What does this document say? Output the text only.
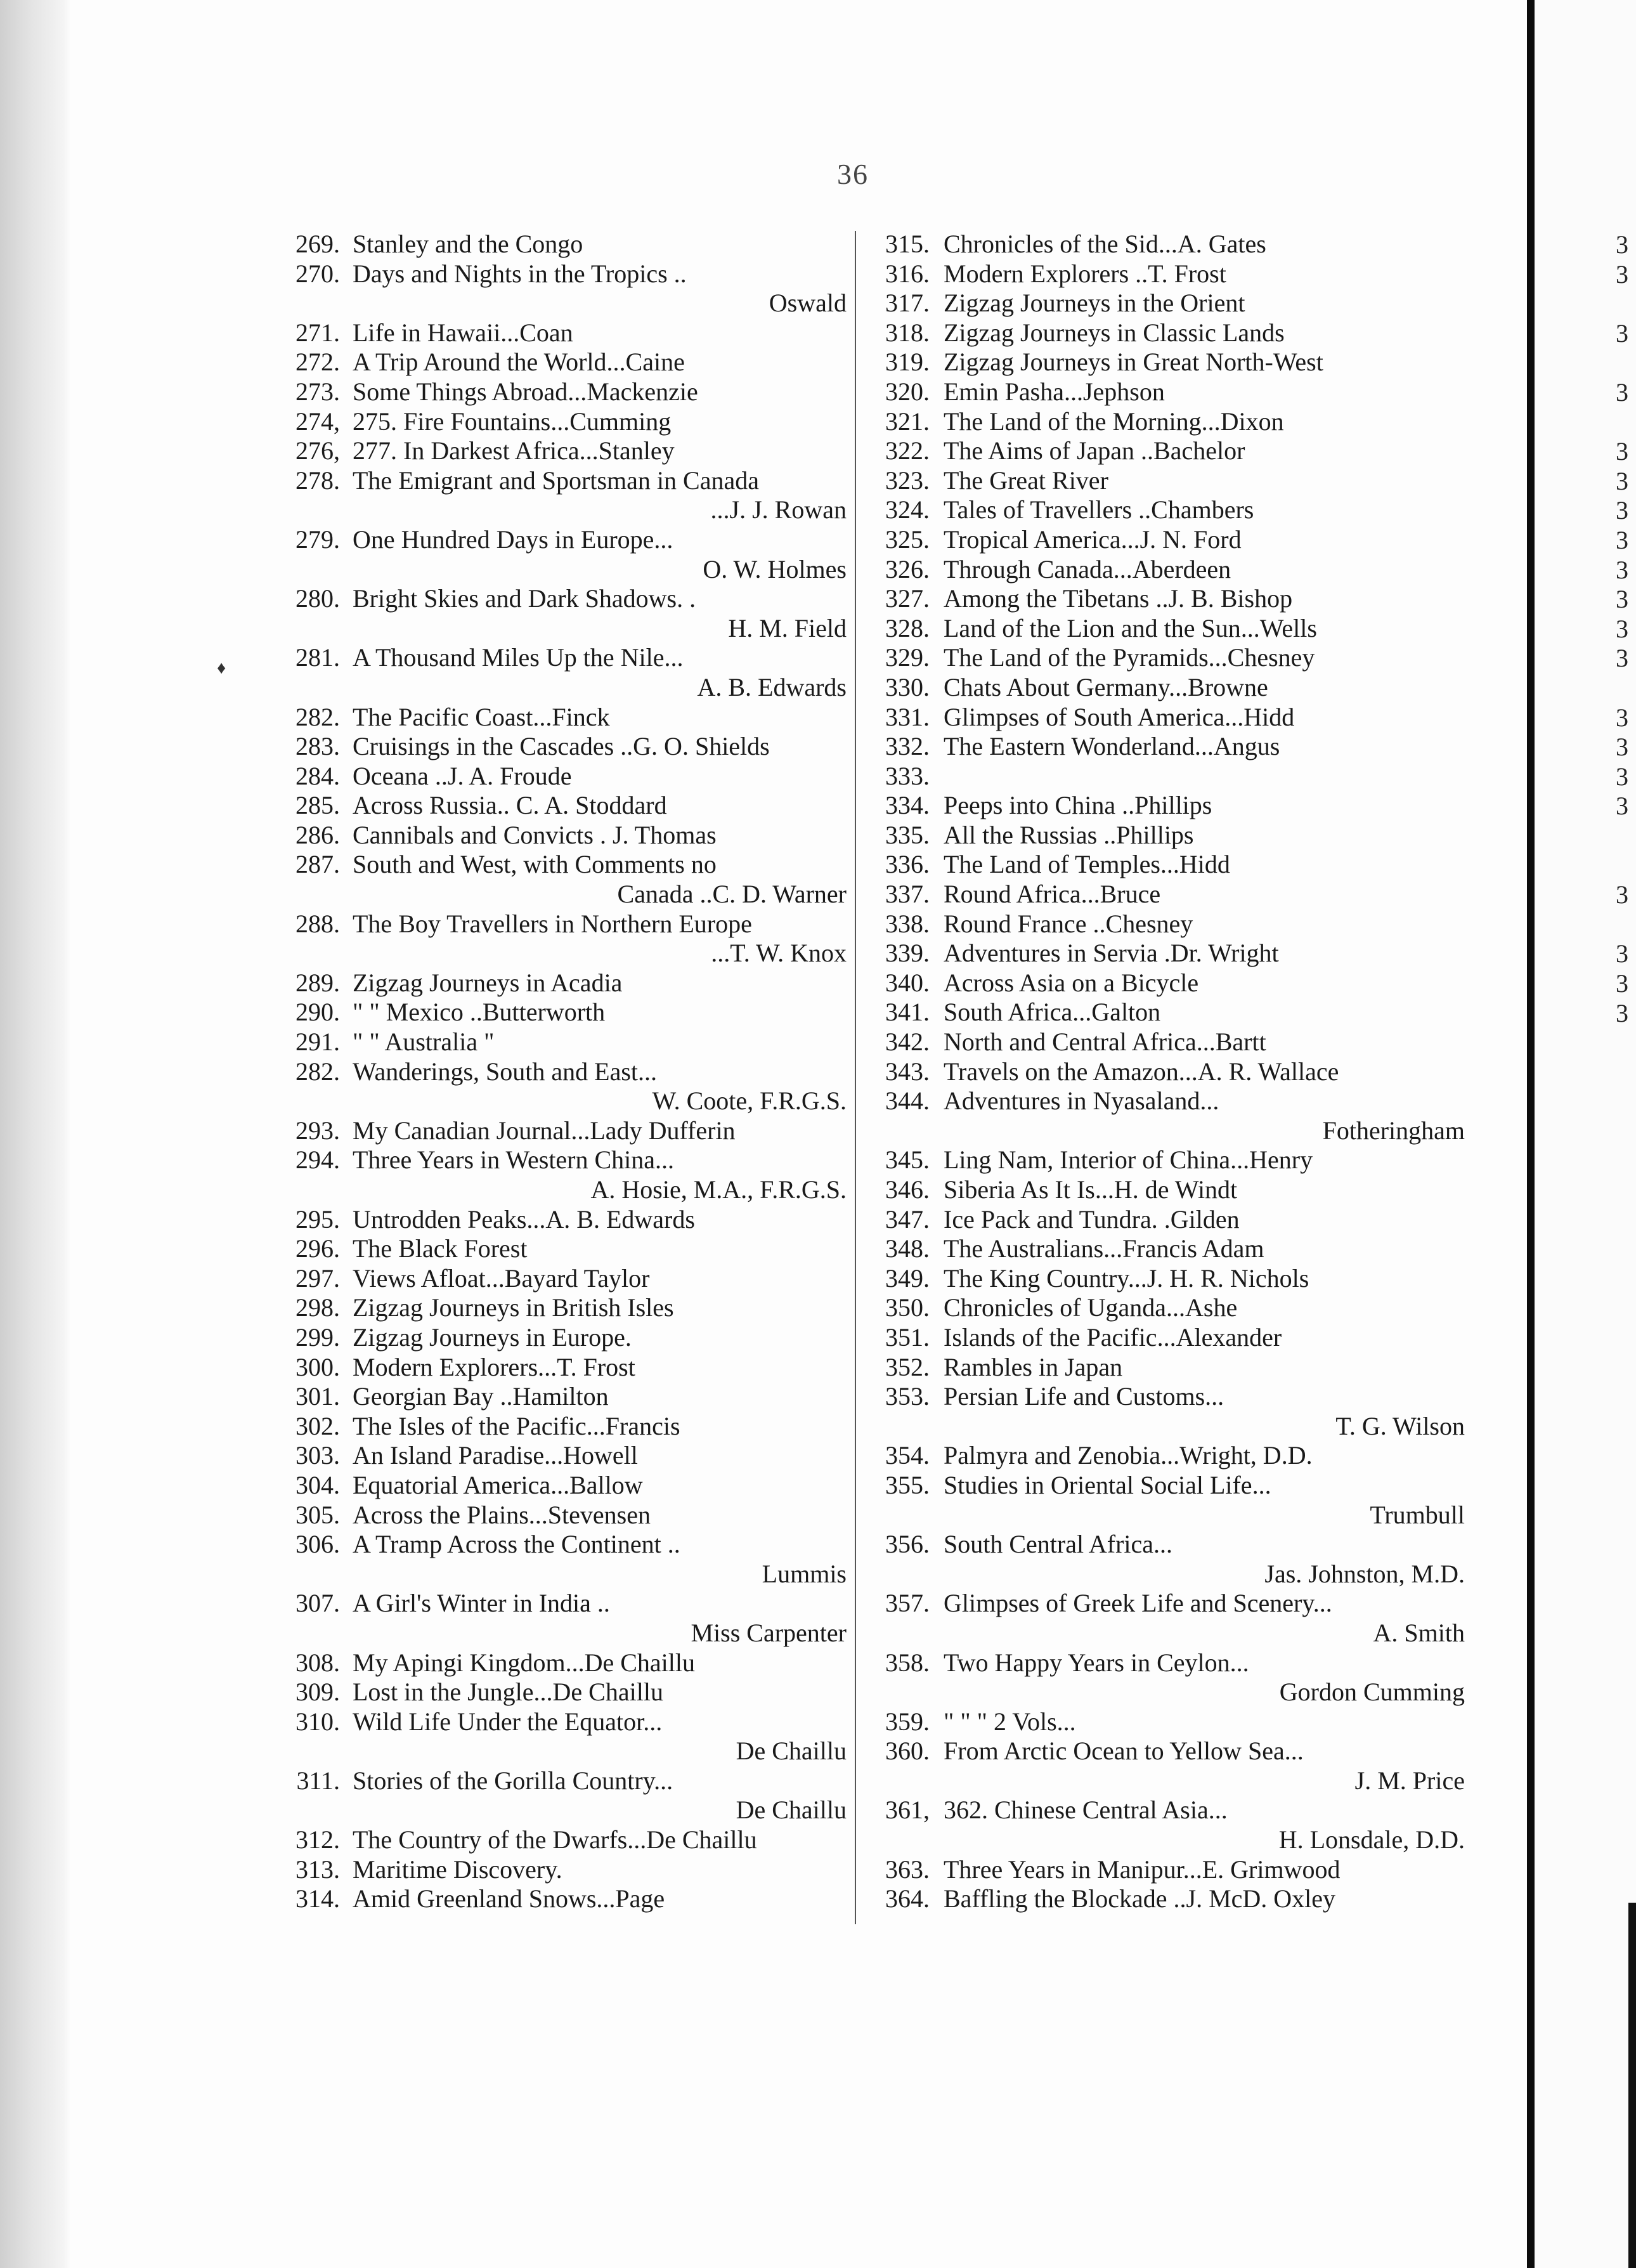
36
♦
269. Stanley and the Congo
270. Days and Nights in the Tropics ..
Oswald
271. Life in Hawaii...Coan
272. A Trip Around the World...Caine
273. Some Things Abroad...Mackenzie
274, 275. Fire Fountains...Cumming
276, 277. In Darkest Africa...Stanley
278. The Emigrant and Sportsman in Canada
...J. J. Rowan
279. One Hundred Days in Europe...
O. W. Holmes
280. Bright Skies and Dark Shadows. .
H. M. Field
281. A Thousand Miles Up the Nile...
A. B. Edwards
282. The Pacific Coast...Finck
283. Cruisings in the Cascades ..G. O. Shields
284. Oceana ..J. A. Froude
285. Across Russia.. C. A. Stoddard
286. Cannibals and Convicts . J. Thomas
287. South and West, with Comments no
Canada ..C. D. Warner
288. The Boy Travellers in Northern Europe
...T. W. Knox
289. Zigzag Journeys in Acadia
290. " " Mexico ..Butterworth
291. " " Australia "
282. Wanderings, South and East...
W. Coote, F.R.G.S.
293. My Canadian Journal...Lady Dufferin
294. Three Years in Western China...
A. Hosie, M.A., F.R.G.S.
295. Untrodden Peaks...A. B. Edwards
296. The Black Forest
297. Views Afloat...Bayard Taylor
298. Zigzag Journeys in British Isles
299. Zigzag Journeys in Europe.
300. Modern Explorers...T. Frost
301. Georgian Bay ..Hamilton
302. The Isles of the Pacific...Francis
303. An Island Paradise...Howell
304. Equatorial America...Ballow
305. Across the Plains...Stevensen
306. A Tramp Across the Continent ..
Lummis
307. A Girl's Winter in India ..
Miss Carpenter
308. My Apingi Kingdom...De Chaillu
309. Lost in the Jungle...De Chaillu
310. Wild Life Under the Equator...
De Chaillu
311. Stories of the Gorilla Country...
De Chaillu
312. The Country of the Dwarfs...De Chaillu
313. Maritime Discovery.
314. Amid Greenland Snows...Page
315. Chronicles of the Sid...A. Gates
316. Modern Explorers ..T. Frost
317. Zigzag Journeys in the Orient
318. Zigzag Journeys in Classic Lands
319. Zigzag Journeys in Great North-West
320. Emin Pasha...Jephson
321. The Land of the Morning...Dixon
322. The Aims of Japan ..Bachelor
323. The Great River
324. Tales of Travellers ..Chambers
325. Tropical America...J. N. Ford
326. Through Canada...Aberdeen
327. Among the Tibetans ..J. B. Bishop
328. Land of the Lion and the Sun...Wells
329. The Land of the Pyramids...Chesney
330. Chats About Germany...Browne
331. Glimpses of South America...Hidd
332. The Eastern Wonderland...Angus
333.
334. Peeps into China ..Phillips
335. All the Russias ..Phillips
336. The Land of Temples...Hidd
337. Round Africa...Bruce
338. Round France ..Chesney
339. Adventures in Servia .Dr. Wright
340. Across Asia on a Bicycle
341. South Africa...Galton
342. North and Central Africa...Bartt
343. Travels on the Amazon...A. R. Wallace
344. Adventures in Nyasaland...
Fotheringham
345. Ling Nam, Interior of China...Henry
346. Siberia As It Is...H. de Windt
347. Ice Pack and Tundra. .Gilden
348. The Australians...Francis Adam
349. The King Country...J. H. R. Nichols
350. Chronicles of Uganda...Ashe
351. Islands of the Pacific...Alexander
352. Rambles in Japan
353. Persian Life and Customs...
T. G. Wilson
354. Palmyra and Zenobia...Wright, D.D.
355. Studies in Oriental Social Life...
Trumbull
356. South Central Africa...
Jas. Johnston, M.D.
357. Glimpses of Greek Life and Scenery...
A. Smith
358. Two Happy Years in Ceylon...
Gordon Cumming
359. " " " 2 Vols...
360. From Arctic Ocean to Yellow Sea...
J. M. Price
361, 362. Chinese Central Asia...
H. Lonsdale, D.D.
363. Three Years in Manipur...E. Grimwood
364. Baffling the Blockade ..J. McD. Oxley
3
3
3
3
3
3
3
3
3
3
3
3
3
3
3
3
3
3
3
3
